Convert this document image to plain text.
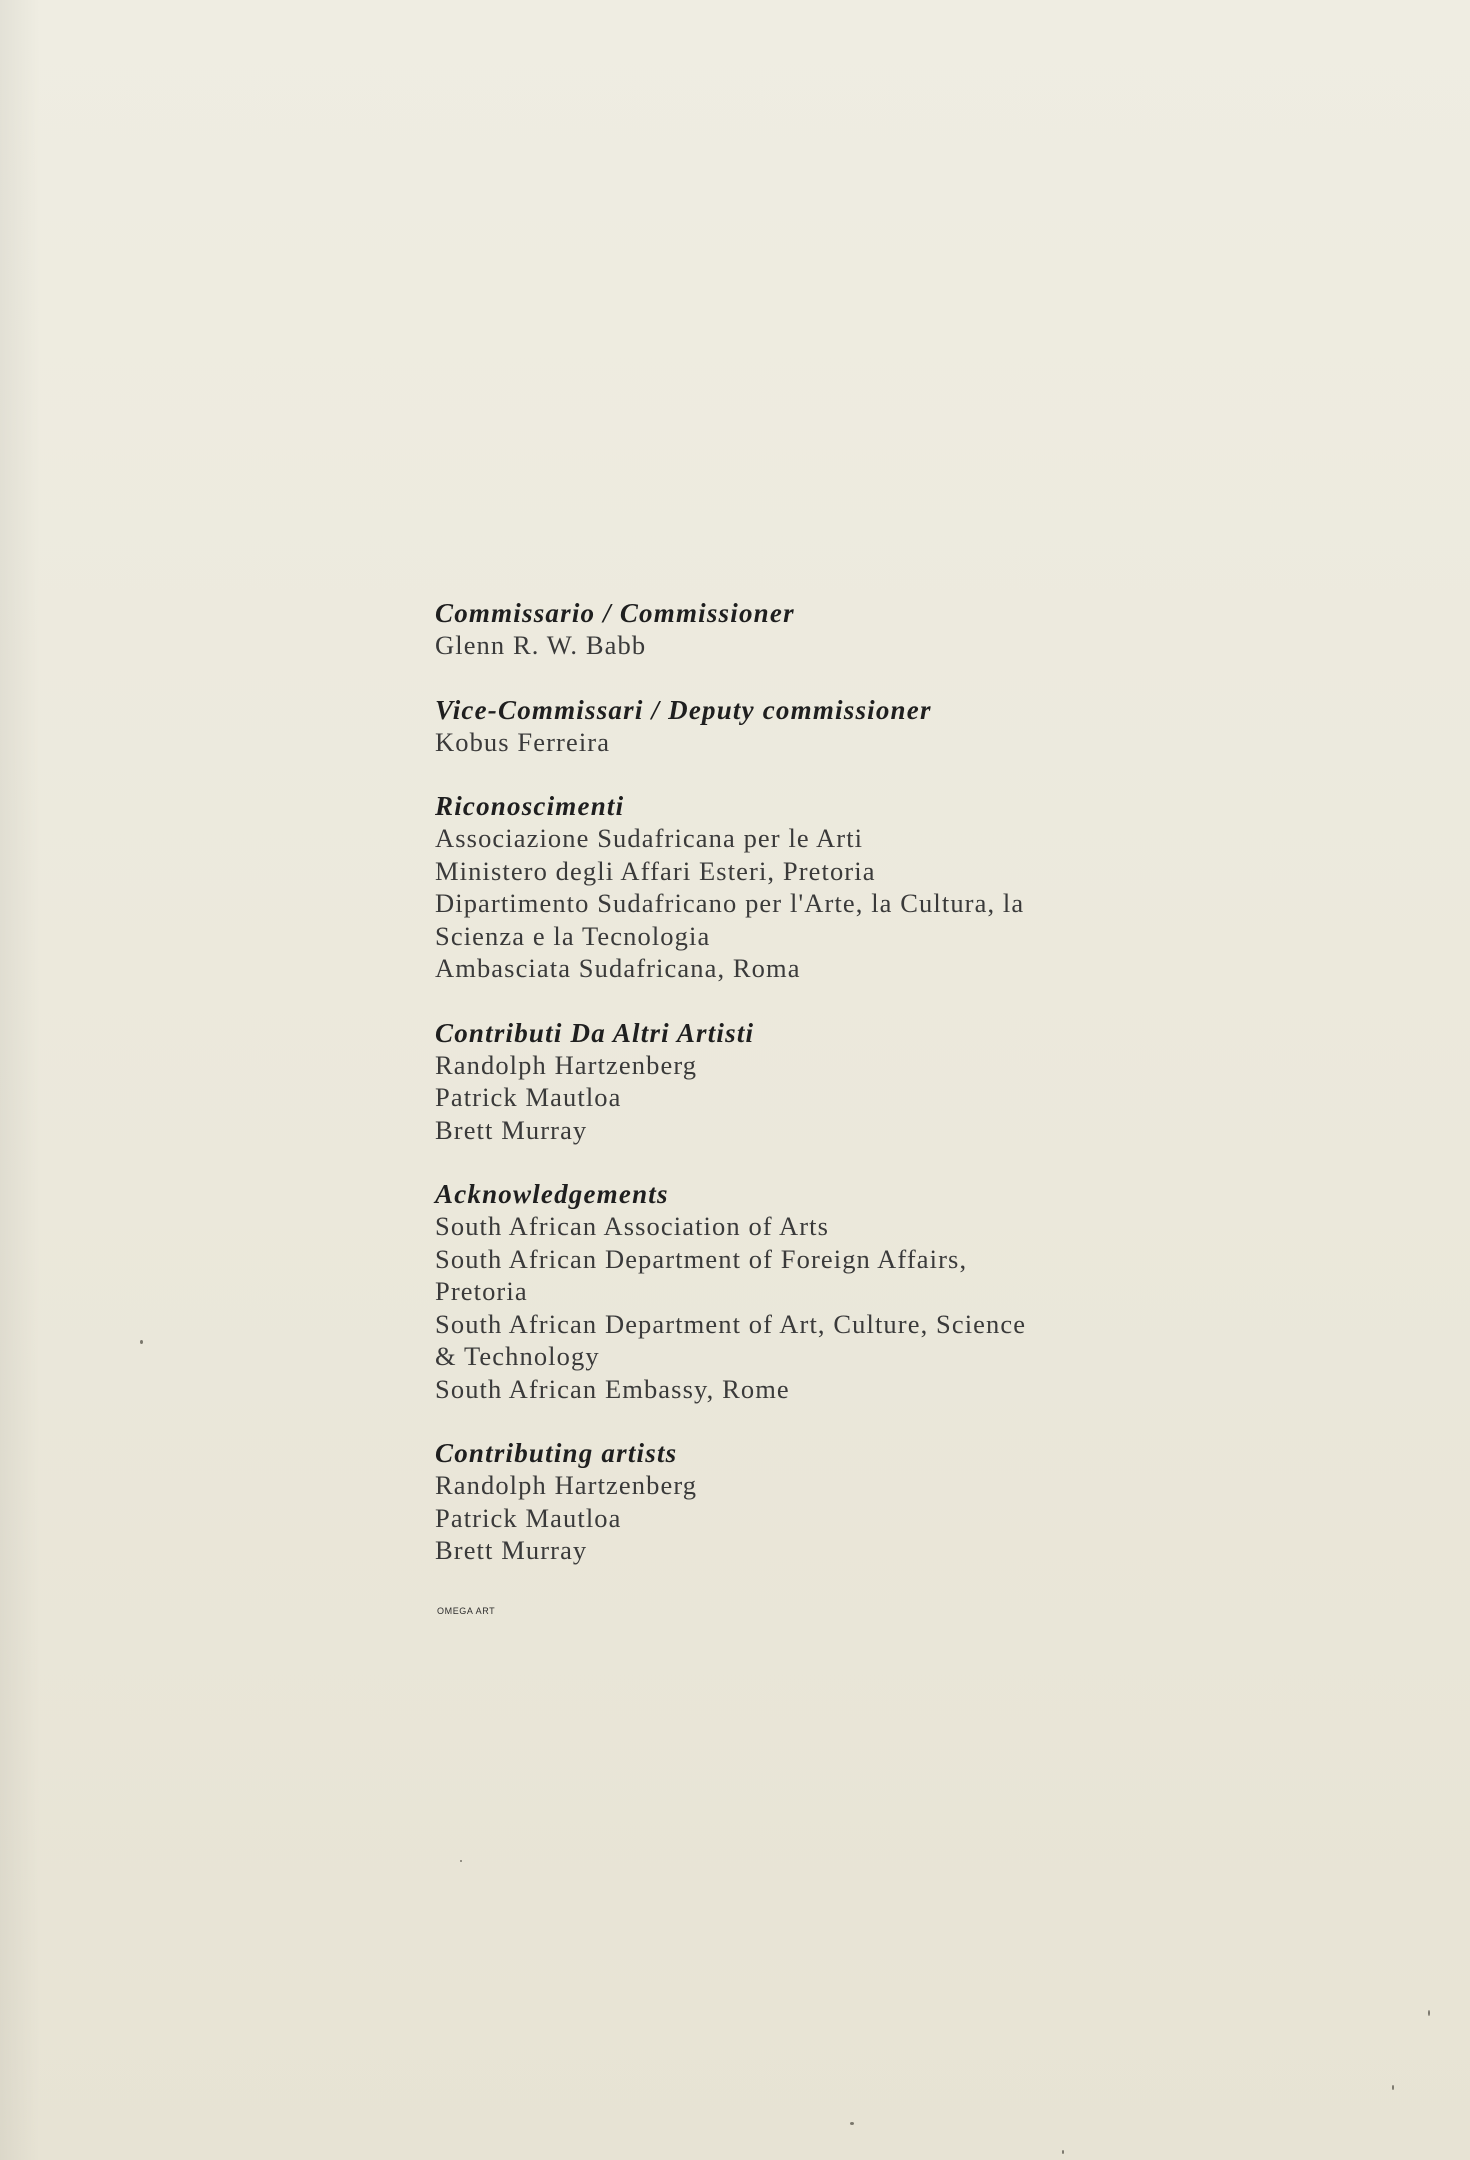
Commissario / Commissioner

Glenn R. W. Babb

Vice-Commissari / Deputy commissioner

Kobus Ferreira

Riconoscimenti

Associazione Sudafricana per le Arti

Ministero degli Affari Esteri, Pretoria

Dipartimento Sudafricano per l'Arte, la Cultura, la

Scienza e la Tecnologia

Ambasciata Sudafricana, Roma

Contributi Da Altri Artisti

Randolph Hartzenberg

Patrick Mautloa

Brett Murray

Acknowledgements

South African Association of Arts

South African Department of Foreign Affairs,

Pretoria

South African Department of Art, Culture, Science

& Technology

South African Embassy, Rome

Contributing artists

Randolph Hartzenberg

Patrick Mautloa

Brett Murray

OMEGA ART
